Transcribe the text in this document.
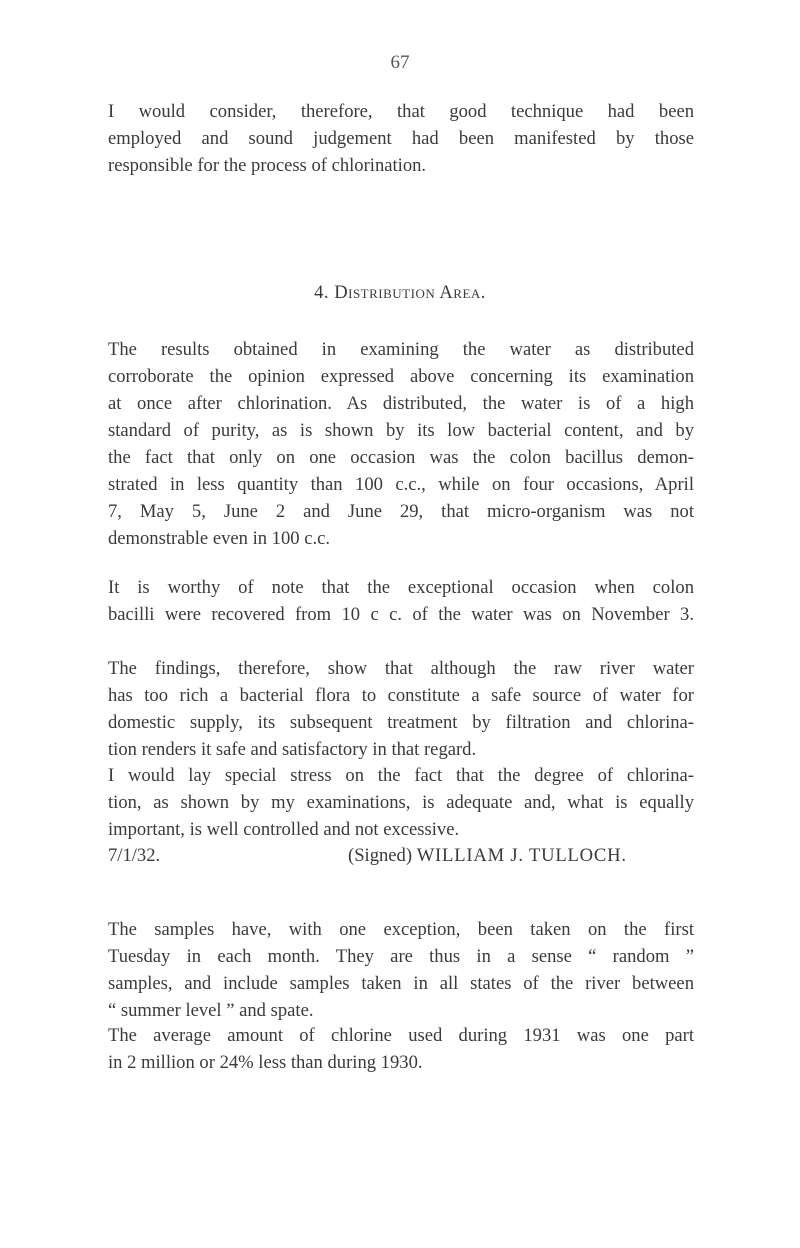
67

I would consider, therefore, that good technique had been
employed and sound judgement had been manifested by those
responsible for the process of chlorination.

4. Distribution Area.

The results obtained in examining the water as distributed
corroborate the opinion expressed above concerning its examination
at once after chlorination. As distributed, the water is of a high
standard of purity, as is shown by its low bacterial content, and by
the fact that only on one occasion was the colon bacillus demon-
strated in less quantity than 100 c.c., while on four occasions, April
7, May 5, June 2 and June 29, that micro-organism was not
demonstrable even in 100 c.c.

It is worthy of note that the exceptional occasion when colon
bacilli were recovered from 10 c c. of the water was on November 3.

The findings, therefore, show that although the raw river water
has too rich a bacterial flora to constitute a safe source of water for
domestic supply, its subsequent treatment by filtration and chlorina-
tion renders it safe and satisfactory in that regard.

I would lay special stress on the fact that the degree of chlorina-
tion, as shown by my examinations, is adequate and, what is equally
important, is well controlled and not excessive.

7/1/32.	(Signed) WILLIAM J. TULLOCH.

The samples have, with one exception, been taken on the first
Tuesday in each month. They are thus in a sense “ random ”
samples, and include samples taken in all states of the river between
“ summer level ” and spate.

The average amount of chlorine used during 1931 was one part
in 2 million or 24% less than during 1930.
